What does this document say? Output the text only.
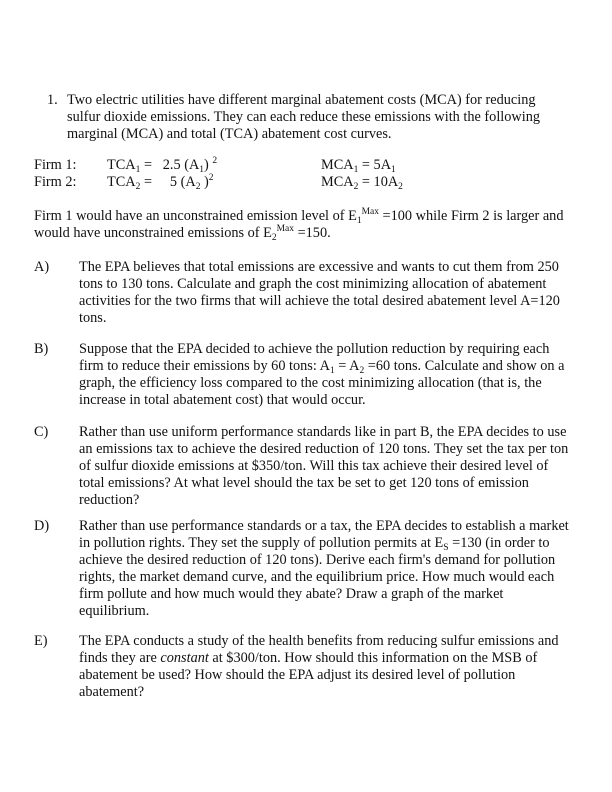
1. Two electric utilities have different marginal abatement costs (MCA) for reducing sulfur dioxide emissions. They can each reduce these emissions with the following marginal (MCA) and total (TCA) abatement cost curves.
Firm 1: $TCA_1 = 2.5$ $(A_1)$ $^2$	$MCA_1 = 5A_1$
Firm 2: $TCA_2 = 5$ ($A_2$ )$^2$	$MCA_2 = 10A_2$
Firm 1 would have an unconstrained emission level of $E_1^{Max} =100$ while Firm 2 is larger and would have unconstrained emissions of $E_2^{Max} =150$.
A) The EPA believes that total emissions are excessive and wants to cut them from 250 tons to 130 tons. Calculate and graph the cost minimizing allocation of abatement activities for the two firms that will achieve the total desired abatement level A=120 tons.
B) Suppose that the EPA decided to achieve the pollution reduction by requiring each firm to reduce their emissions by 60 tons: $A_1 = A_2 =60$ tons. Calculate and show on a graph, the efficiency loss compared to the cost minimizing allocation (that is, the increase in total abatement cost) that would occur.
C) Rather than use uniform performance standards like in part B, the EPA decides to use an emissions tax to achieve the desired reduction of 120 tons. They set the tax per ton of sulfur dioxide emissions at $350/ton. Will this tax achieve their desired level of total emissions? At what level should the tax be set to get 120 tons of emission reduction?
D) Rather than use performance standards or a tax, the EPA decides to establish a market in pollution rights. They set the supply of pollution permits at $E_S =130$ (in order to achieve the desired reduction of 120 tons). Derive each firm's demand for pollution rights, the market demand curve, and the equilibrium price. How much would each firm pollute and how much would they abate? Draw a graph of the market equilibrium.
E) The EPA conducts a study of the health benefits from reducing sulfur emissions and finds they are constant at $300/ton. How should this information on the MSB of abatement be used? How should the EPA adjust its desired level of pollution abatement?
